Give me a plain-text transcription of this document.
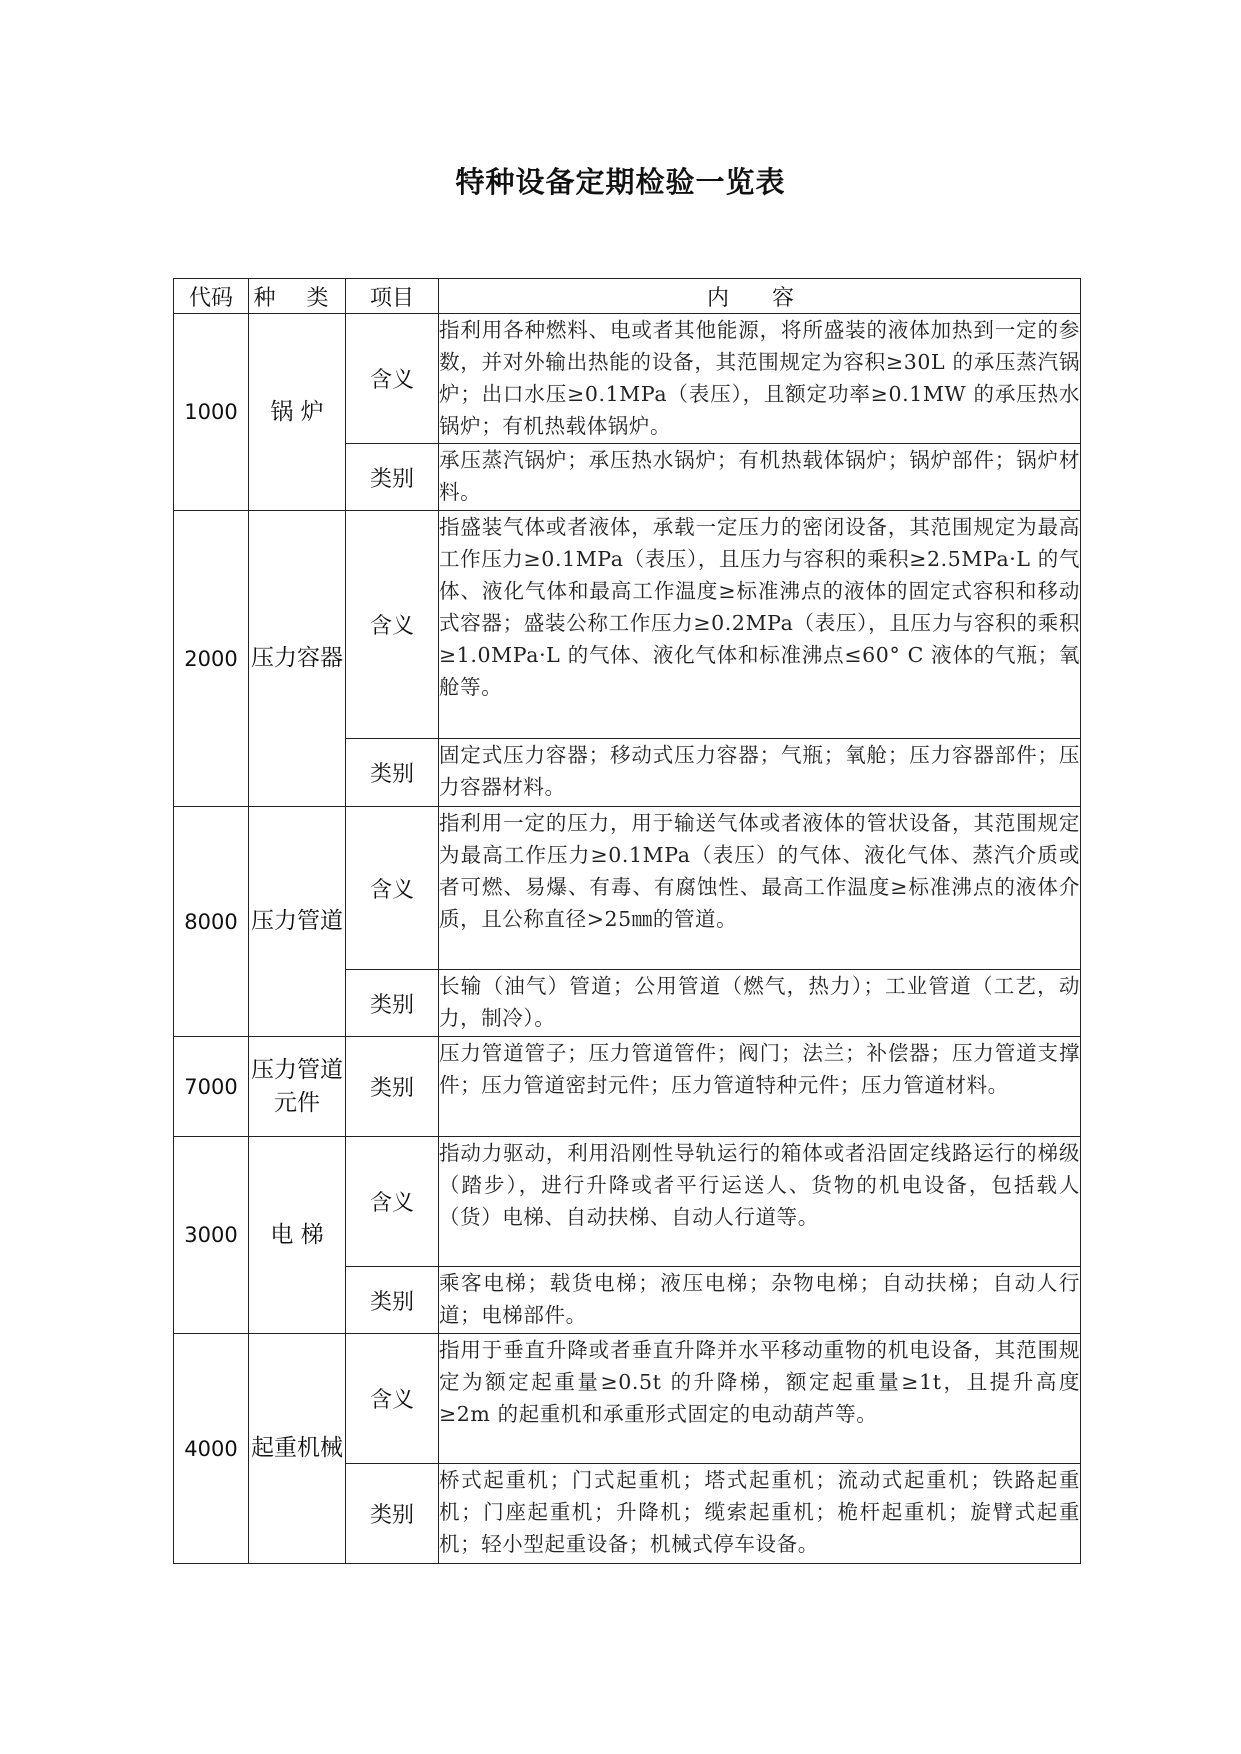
特种设备定期检验一览表
代码	种 类	项目	内 容
1000	锅 炉	含义	指利用各种燃料、电或者其他能源，将所盛装的液体加热到一定的参数，并对外输出热能的设备，其范围规定为容积≥30L 的承压蒸汽锅炉；出口水压≥0.1MPa（表压），且额定功率≥0.1MW 的承压热水锅炉；有机热载体锅炉。
		类别	承压蒸汽锅炉；承压热水锅炉；有机热载体锅炉；锅炉部件；锅炉材料。
2000	压力容器	含义	指盛装气体或者液体，承载一定压力的密闭设备，其范围规定为最高工作压力≥0.1MPa（表压），且压力与容积的乘积≥2.5MPa·L 的气体、液化气体和最高工作温度≥标准沸点的液体的固定式容积和移动式容器；盛装公称工作压力≥0.2MPa（表压），且压力与容积的乘积≥1.0MPa·L 的气体、液化气体和标准沸点≤60° C 液体的气瓶；氧舱等。
		类别	固定式压力容器；移动式压力容器；气瓶；氧舱；压力容器部件；压力容器材料。
8000	压力管道	含义	指利用一定的压力，用于输送气体或者液体的管状设备，其范围规定为最高工作压力≥0.1MPa（表压）的气体、液化气体、蒸汽介质或者可燃、易爆、有毒、有腐蚀性、最高工作温度≥标准沸点的液体介质，且公称直径>25㎜的管道。
		类别	长输（油气）管道；公用管道（燃气，热力）；工业管道（工艺，动力，制冷）。
7000	压力管道元件	类别	压力管道管子；压力管道管件；阀门；法兰；补偿器；压力管道支撑件；压力管道密封元件；压力管道特种元件；压力管道材料。
3000	电 梯	含义	指动力驱动，利用沿刚性导轨运行的箱体或者沿固定线路运行的梯级（踏步），进行升降或者平行运送人、货物的机电设备，包括载人（货）电梯、自动扶梯、自动人行道等。
		类别	乘客电梯；载货电梯；液压电梯；杂物电梯；自动扶梯；自动人行道；电梯部件。
4000	起重机械	含义	指用于垂直升降或者垂直升降并水平移动重物的机电设备，其范围规定为额定起重量≥0.5t 的升降梯，额定起重量≥1t，且提升高度≥2m 的起重机和承重形式固定的电动葫芦等。
		类别	桥式起重机；门式起重机；塔式起重机；流动式起重机；铁路起重机；门座起重机；升降机；缆索起重机；桅杆起重机；旋臂式起重机；轻小型起重设备；机械式停车设备。
